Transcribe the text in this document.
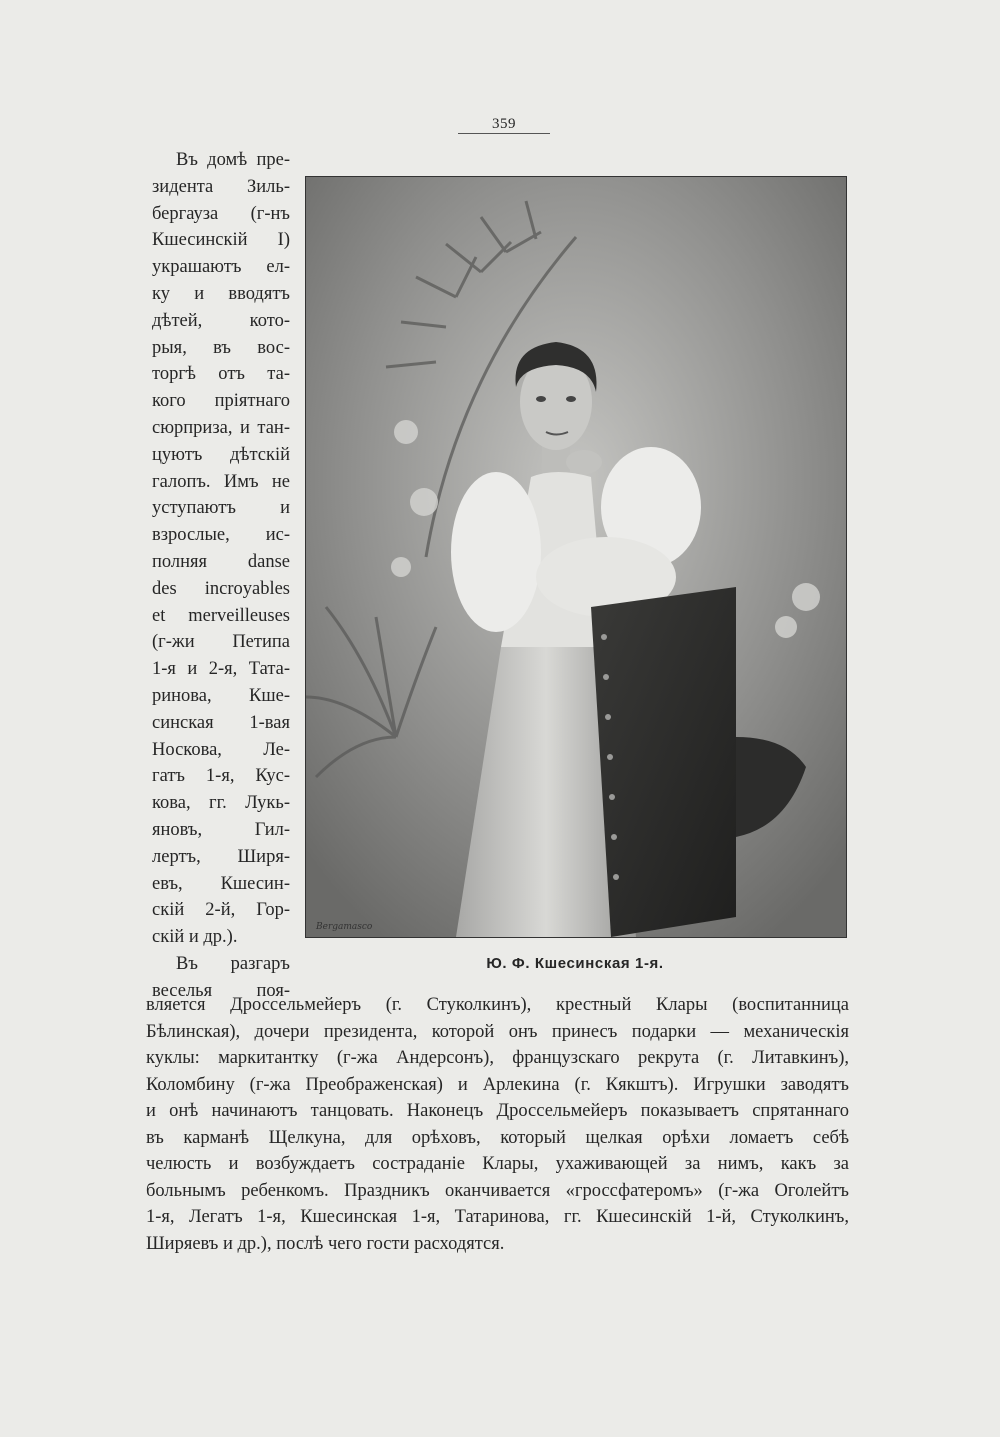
359
Въ домѣ пре-
зидента Зиль-
бергауза (г-нъ
Кшесинскій I)
украшаютъ ел-
ку и вводятъ
дѣтей, кото-
рыя, въ вос-
торгѣ отъ та-
кого пріятнаго
сюрприза, и тан-
цуютъ дѣтскій
галопъ. Имъ не
уступаютъ и
взрослые, ис-
полняя danse
des incroyables
et merveilleuses
(г-жи Петипа
1-я и 2-я, Тата-
ринова, Кше-
синская 1-вая
Носкова, Ле-
гатъ 1-я, Кус-
кова, гг. Лукь-
яновъ, Гил-
лертъ, Ширя-
евъ, Кшесин-
скій 2-й, Гор-
скій и др.).
Въ разгаръ
веселья поя-
Bergamasco
Ю. Ф. Кшесинская 1-я.
вляется Дроссельмейеръ (г. Стуколкинъ), крестный Клары (воспитанница
Бѣлинская), дочери президента, которой онъ принесъ подарки — механическія
куклы: маркитантку (г-жа Андерсонъ), французскаго рекрута (г. Литавкинъ),
Коломбину (г-жа Преображенская) и Арлекина (г. Кякштъ). Игрушки заводятъ
и онѣ начинаютъ танцовать. Наконецъ Дроссельмейеръ показываетъ спрятаннаго
въ карманѣ Щелкуна, для орѣховъ, который щелкая орѣхи ломаетъ себѣ
челюсть и возбуждаетъ состраданіе Клары, ухаживающей за нимъ, какъ за
больнымъ ребенкомъ. Праздникъ оканчивается «гроссфатеромъ» (г-жа Оголейтъ
1-я, Легатъ 1-я, Кшесинская 1-я, Татаринова, гг. Кшесинскій 1-й, Стуколкинъ,
Ширяевъ и др.), послѣ чего гости расходятся.
